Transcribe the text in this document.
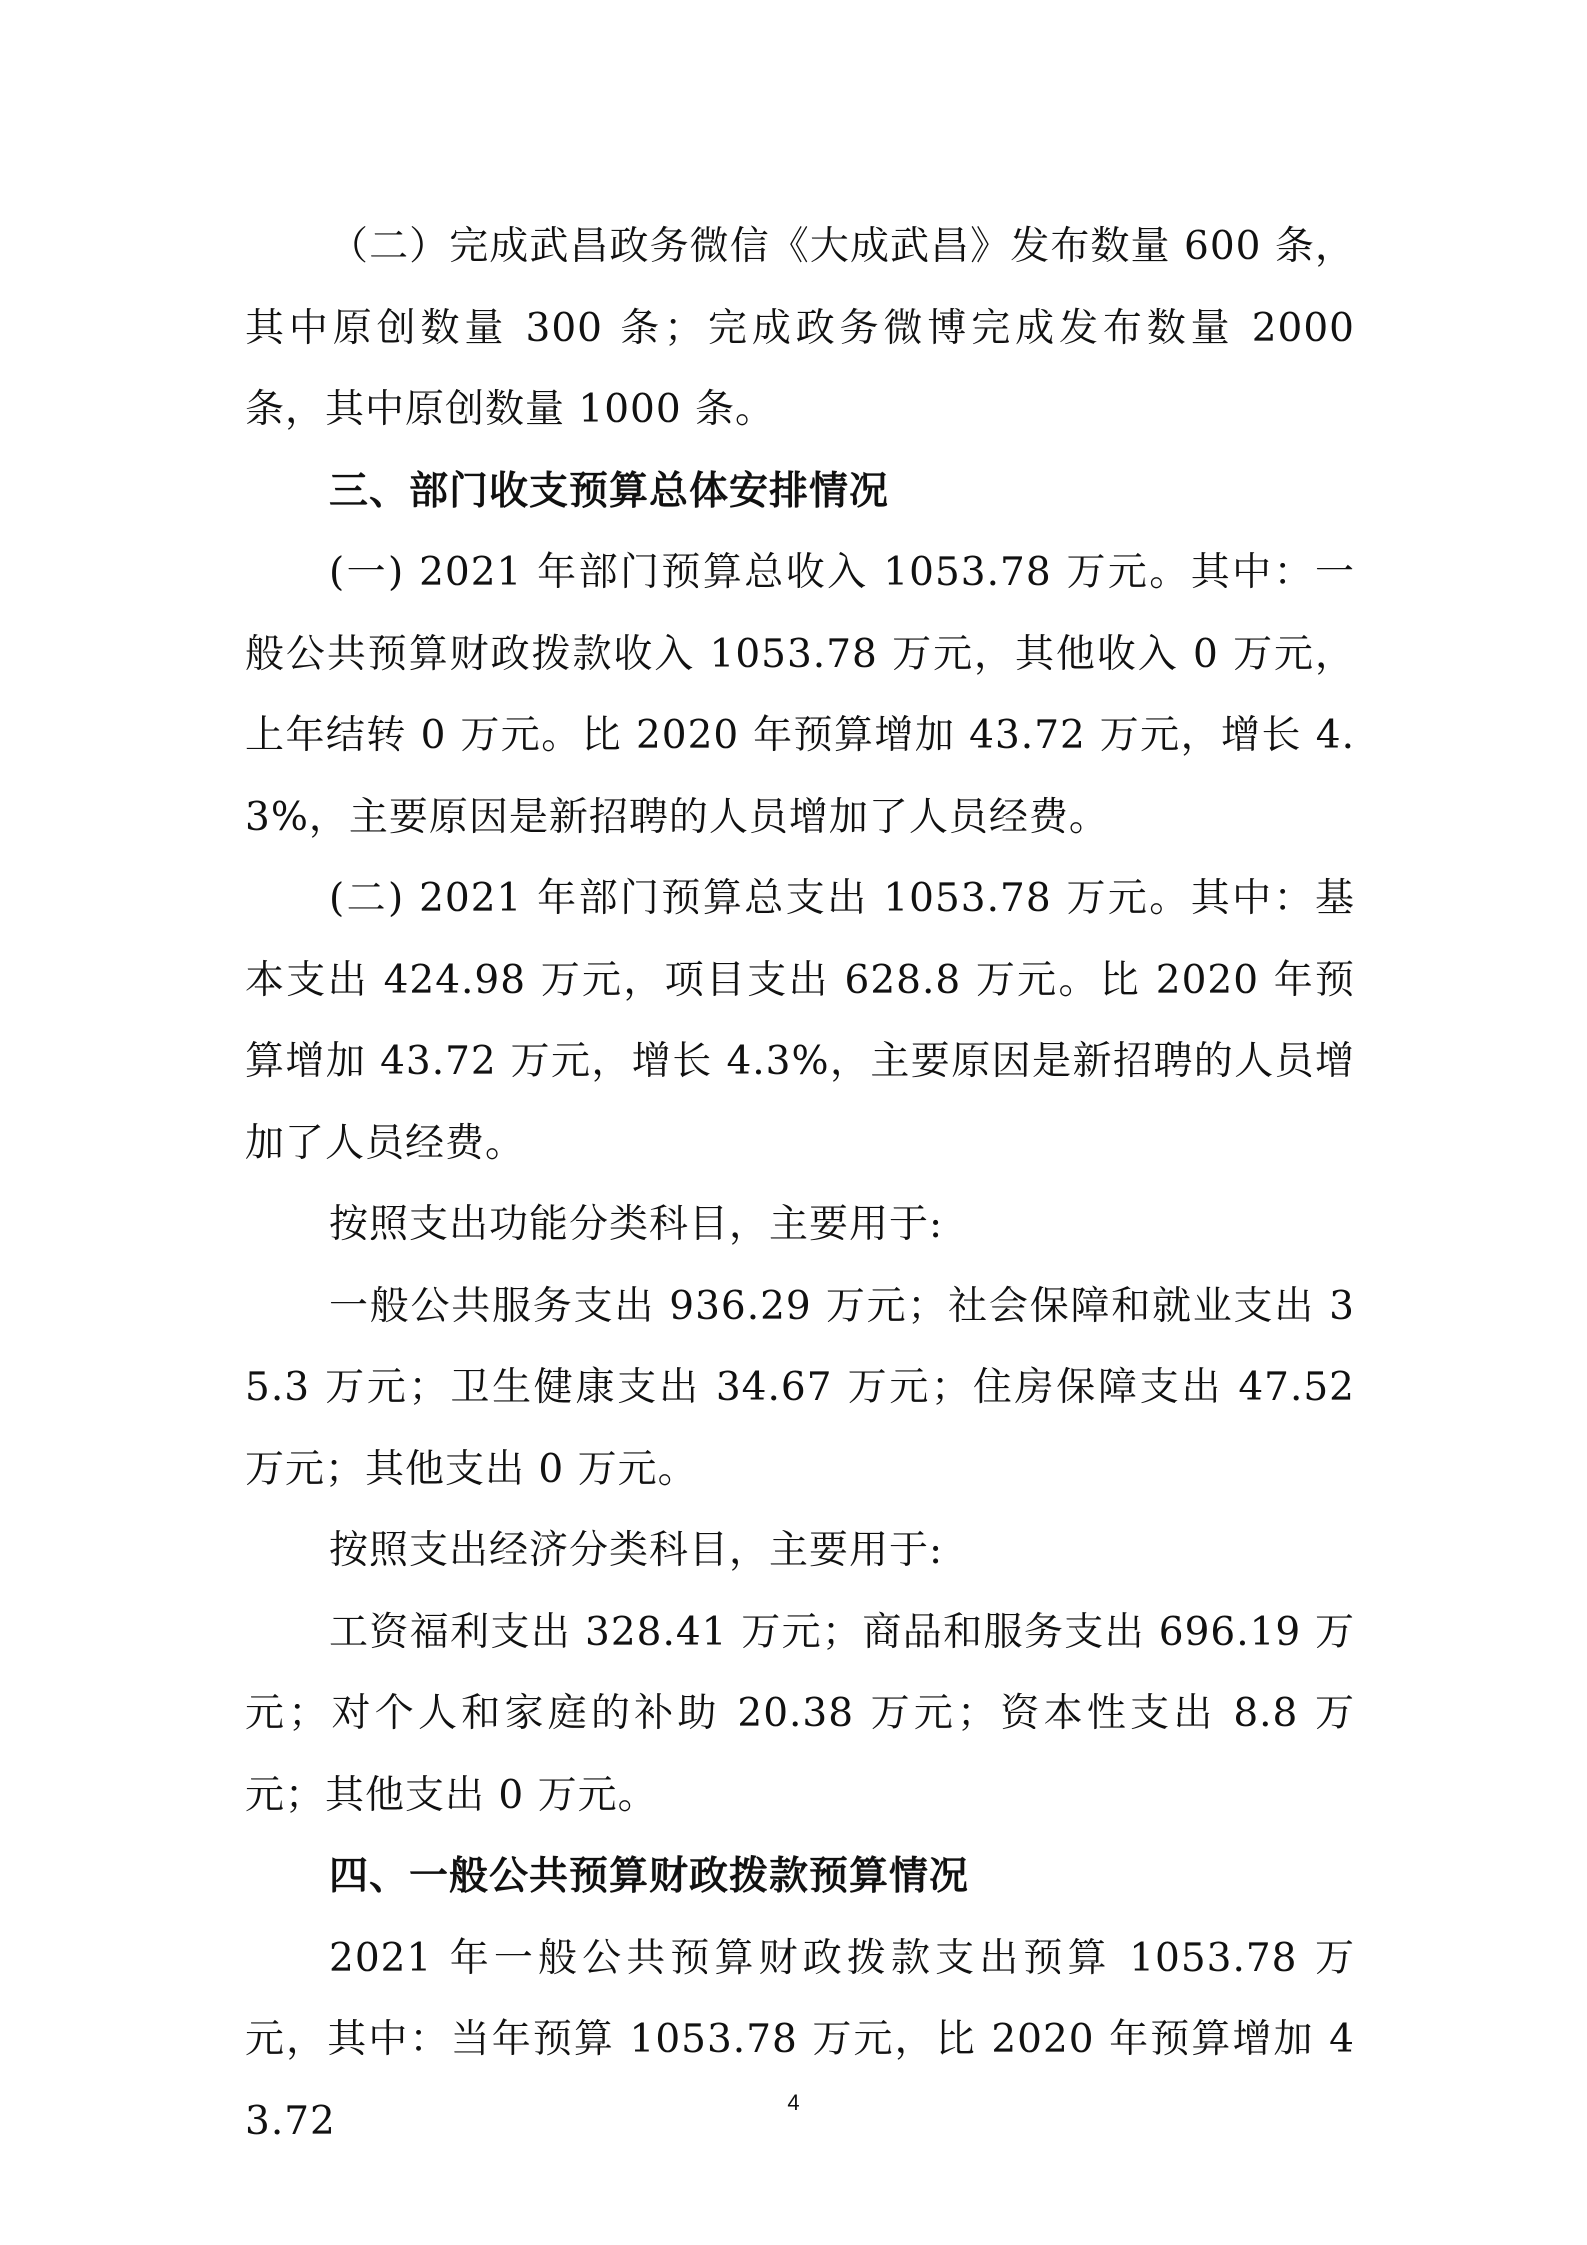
（二）完成武昌政务微信《大成武昌》发布数量 600 条，其中原创数量 300 条；完成政务微博完成发布数量 2000 条，其中原创数量 1000 条。

三、部门收支预算总体安排情况

(一) 2021 年部门预算总收入 1053.78 万元。其中：一般公共预算财政拨款收入 1053.78 万元，其他收入 0 万元，上年结转 0 万元。比 2020 年预算增加 43.72 万元，增长 4.3%，主要原因是新招聘的人员增加了人员经费。

(二) 2021 年部门预算总支出 1053.78 万元。其中：基本支出 424.98 万元，项目支出 628.8 万元。比 2020 年预算增加 43.72 万元，增长 4.3%，主要原因是新招聘的人员增加了人员经费。

按照支出功能分类科目，主要用于:

一般公共服务支出 936.29 万元；社会保障和就业支出 35.3 万元；卫生健康支出 34.67 万元；住房保障支出 47.52 万元；其他支出 0 万元。

按照支出经济分类科目，主要用于:

工资福利支出 328.41 万元；商品和服务支出 696.19 万元；对个人和家庭的补助 20.38 万元；资本性支出 8.8 万元；其他支出 0 万元。

四、一般公共预算财政拨款预算情况

2021 年一般公共预算财政拨款支出预算 1053.78 万元，其中：当年预算 1053.78 万元，比 2020 年预算增加 43.72	4
